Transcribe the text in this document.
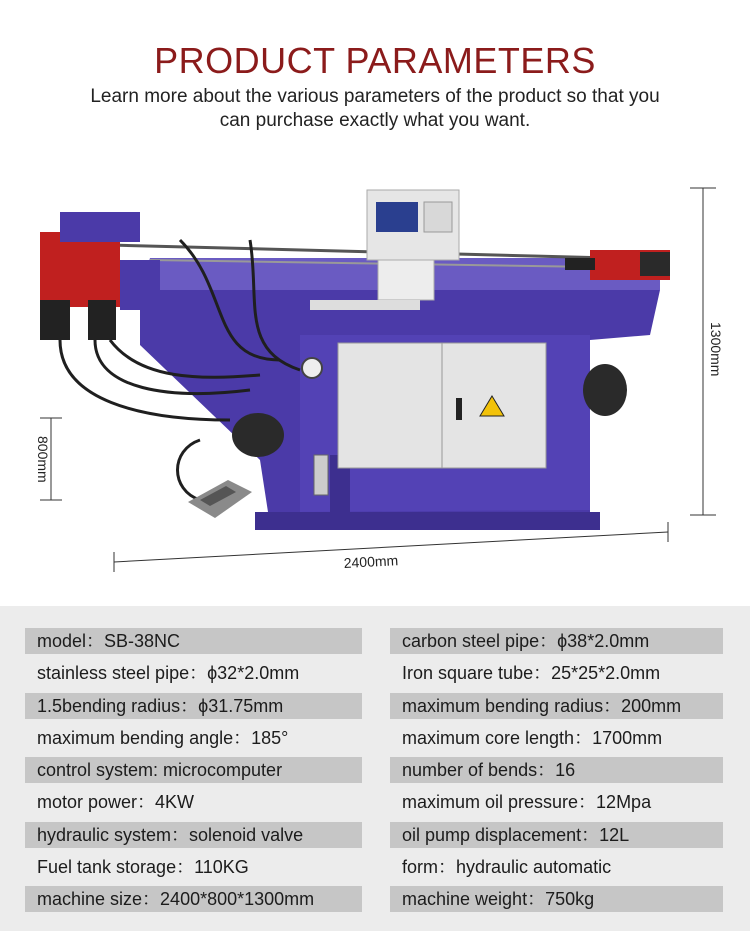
PRODUCT PARAMETERS
Learn more about the various parameters of the product so that you can purchase exactly what you want.
1300mm
800mm
2400mm
model：SB-38NC
stainless steel pipe：ϕ32*2.0mm
1.5bending radius：ϕ31.75mm
maximum bending angle：185°
control system: microcomputer
motor power：4KW
hydraulic system：solenoid valve
Fuel tank storage：110KG
machine size：2400*800*1300mm
carbon steel pipe：ϕ38*2.0mm
Iron square tube：25*25*2.0mm
maximum bending radius：200mm
maximum core length：1700mm
number of bends：16
maximum oil pressure：12Mpa
oil pump displacement：12L
form：hydraulic automatic
machine weight：750kg
